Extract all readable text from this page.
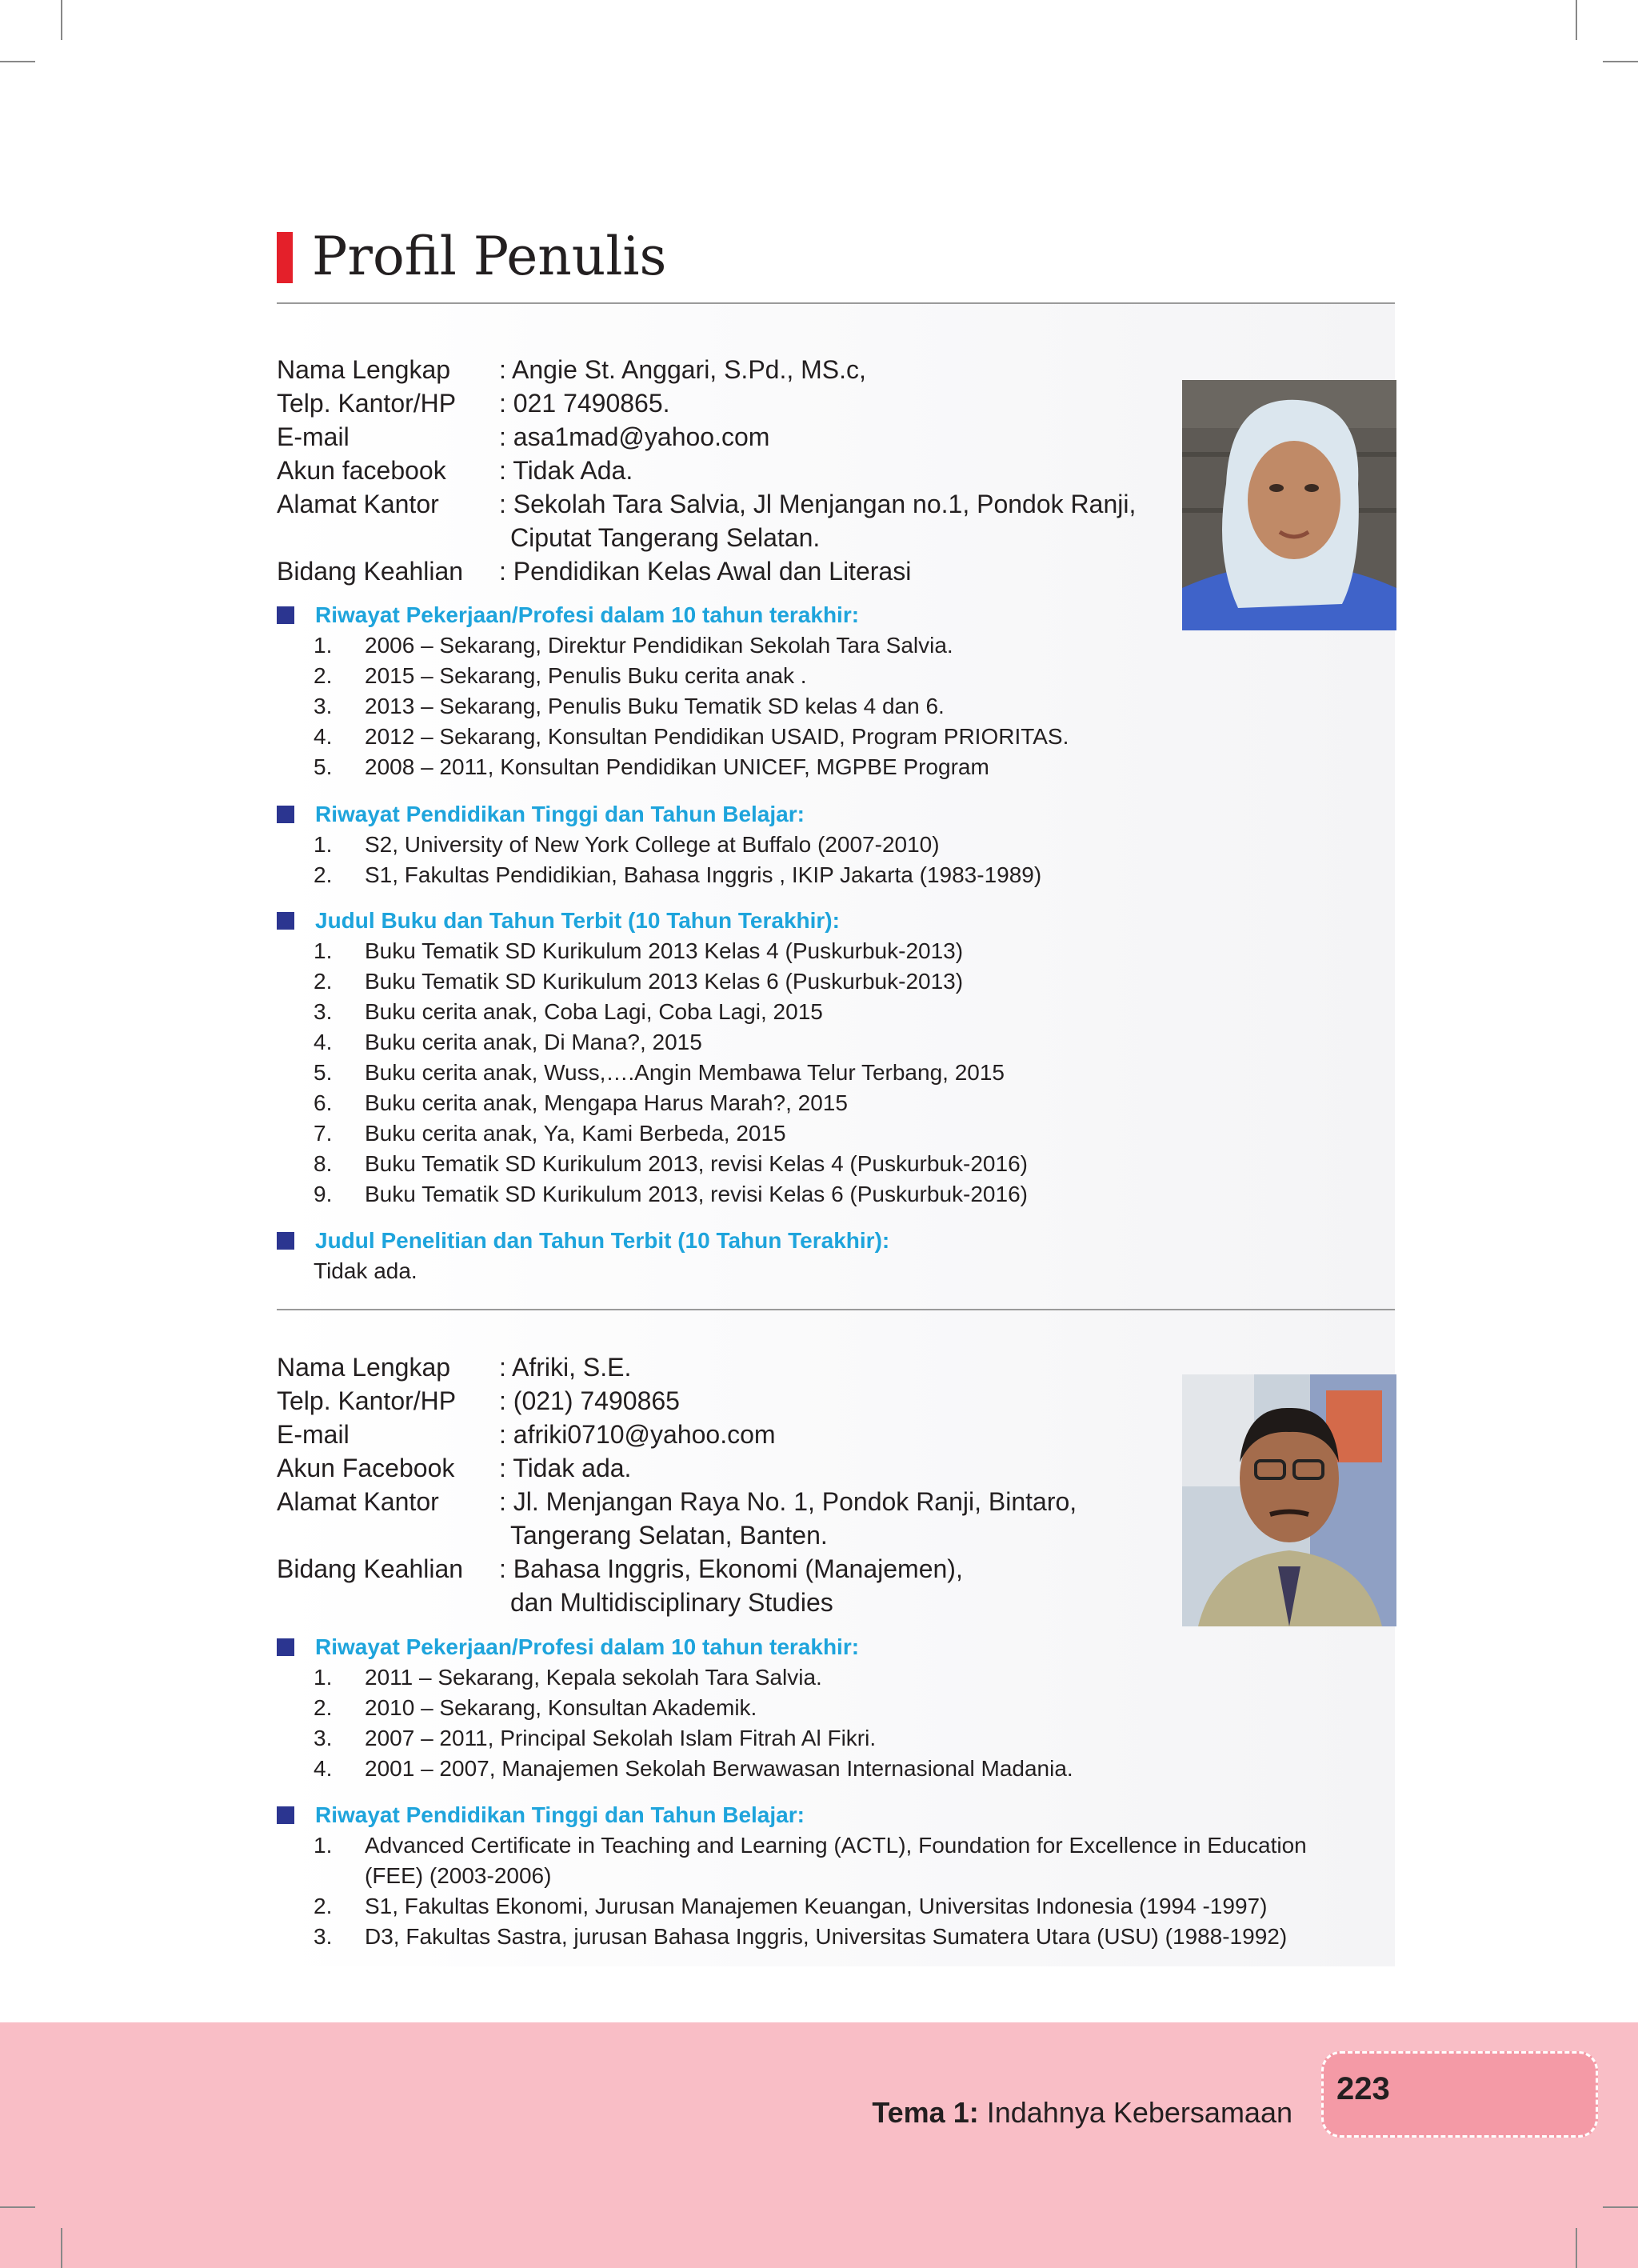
Profil Penulis
Nama Lengkap	: Angie St. Anggari, S.Pd., MS.c,
Telp. Kantor/HP	: 021 7490865.
E-mail	: asa1mad@yahoo.com
Akun facebook	: Tidak Ada.
Alamat Kantor	: Sekolah Tara Salvia, Jl Menjangan no.1, Pondok Ranji,
Ciputat Tangerang Selatan.
Bidang Keahlian	: Pendidikan Kelas Awal dan Literasi
Riwayat Pekerjaan/Profesi dalam 10 tahun terakhir:
1.	2006 – Sekarang, Direktur Pendidikan Sekolah Tara Salvia.
2.	2015 – Sekarang, Penulis Buku cerita anak .
3.	2013 – Sekarang, Penulis Buku Tematik SD kelas 4 dan 6.
4.	2012 – Sekarang, Konsultan Pendidikan USAID, Program PRIORITAS.
5.	2008 – 2011, Konsultan Pendidikan UNICEF, MGPBE Program
Riwayat Pendidikan Tinggi dan Tahun Belajar:
1.	S2, University of New York College at Buffalo (2007-2010)
2.	S1, Fakultas Pendidikian, Bahasa Inggris , IKIP Jakarta (1983-1989)
Judul Buku dan Tahun Terbit (10 Tahun Terakhir):
1.	Buku Tematik SD Kurikulum 2013 Kelas 4 (Puskurbuk-2013)
2.	Buku Tematik SD Kurikulum 2013 Kelas 6 (Puskurbuk-2013)
3.	Buku cerita anak, Coba Lagi, Coba Lagi, 2015
4.	Buku cerita anak, Di Mana?, 2015
5.	Buku cerita anak, Wuss,….Angin Membawa Telur Terbang, 2015
6.	Buku cerita anak, Mengapa Harus Marah?, 2015
7.	Buku cerita anak, Ya, Kami Berbeda, 2015
8.	Buku Tematik SD Kurikulum 2013, revisi Kelas 4 (Puskurbuk-2016)
9.	Buku Tematik SD Kurikulum 2013, revisi Kelas 6 (Puskurbuk-2016)
Judul Penelitian dan Tahun Terbit (10 Tahun Terakhir):
Tidak ada.
Nama Lengkap	: Afriki, S.E.
Telp. Kantor/HP	: (021) 7490865
E-mail	: afriki0710@yahoo.com
Akun Facebook	: Tidak ada.
Alamat Kantor	: Jl. Menjangan Raya No. 1, Pondok Ranji, Bintaro,
Tangerang Selatan, Banten.
Bidang Keahlian	: Bahasa Inggris, Ekonomi (Manajemen),
dan Multidisciplinary Studies
Riwayat Pekerjaan/Profesi dalam 10 tahun terakhir:
1.	2011 – Sekarang, Kepala sekolah Tara Salvia.
2.	2010 – Sekarang, Konsultan Akademik.
3.	2007 – 2011, Principal Sekolah Islam Fitrah Al Fikri.
4.	2001 – 2007, Manajemen Sekolah Berwawasan Internasional Madania.
Riwayat Pendidikan Tinggi dan Tahun Belajar:
1.	Advanced Certificate in Teaching and Learning (ACTL), Foundation for Excellence in Education (FEE) (2003-2006)
2.	S1, Fakultas Ekonomi, Jurusan Manajemen Keuangan, Universitas Indonesia (1994 -1997)
3.	D3, Fakultas Sastra, jurusan Bahasa Inggris, Universitas Sumatera Utara (USU) (1988-1992)
Tema 1: Indahnya Kebersamaan
223
